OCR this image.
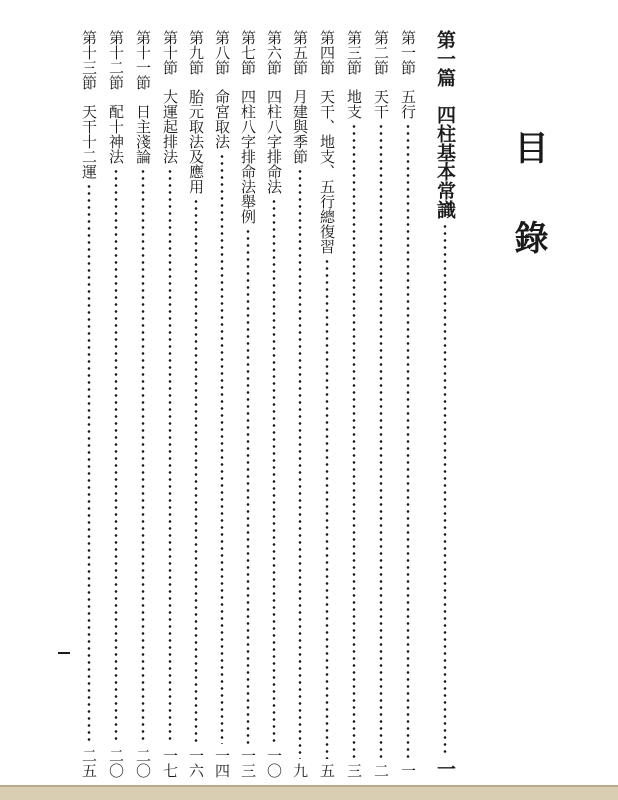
目錄
第一篇
四柱基本常識
一
第一節
五行
一
第二節
天干
二
第三節
地支
三
第四節
天干、地支、五行總復習
五
第五節
月建與季節
九
第六節
四柱八字排命法
一〇
第七節
四柱八字排命法舉例
一三
第八節
命宮取法
一四
第九節
胎元取法及應用
一六
第十節
大運起排法
一七
第十一節
日主淺論
二〇
第十二節
配十神法
二〇
第十三節
天干十二運
二五
